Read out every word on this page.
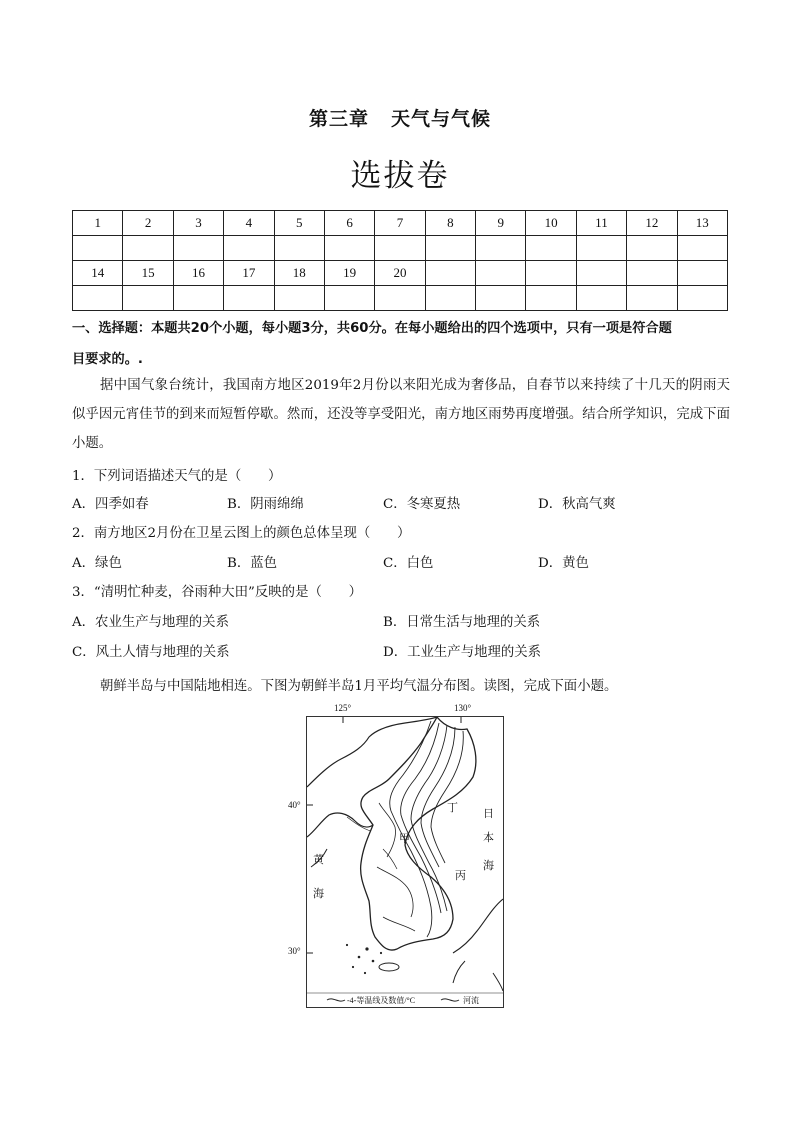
第三章 天气与气候
选拔卷
1	2	3	4	5	6	7	8	9	10	11	12	13

14	15	16	17	18	19	20						

一、选择题：本题共20个小题，每小题3分，共60分。在每小题给出的四个选项中，只有一项是符合题
目要求的。.
据中国气象台统计，我国南方地区2019年2月份以来阳光成为奢侈品，自春节以来持续了十几天的阴雨天似乎因元宵佳节的到来而短暂停歇。然而，还没等享受阳光，南方地区雨势再度增强。结合所学知识，完成下面小题。
1．下列词语描述天气的是（　　）
A．四季如春	B．阴雨绵绵	C．冬寒夏热	D．秋高气爽
2．南方地区2月份在卫星云图上的颜色总体呈现（　　）
A．绿色	B．蓝色	C．白色	D．黄色
3．“清明忙种麦，谷雨种大田”反映的是（　　）
A．农业生产与地理的关系	B．日常生活与地理的关系
C．风土人情与地理的关系	D．工业生产与地理的关系
朝鲜半岛与中国陆地相连。下图为朝鲜半岛1月平均气温分布图。读图，完成下面小题。
125°	130°
40°
30°
甲
丙
丁 日
本
海
黄
海
-4-等温线及数值/°C	河流
